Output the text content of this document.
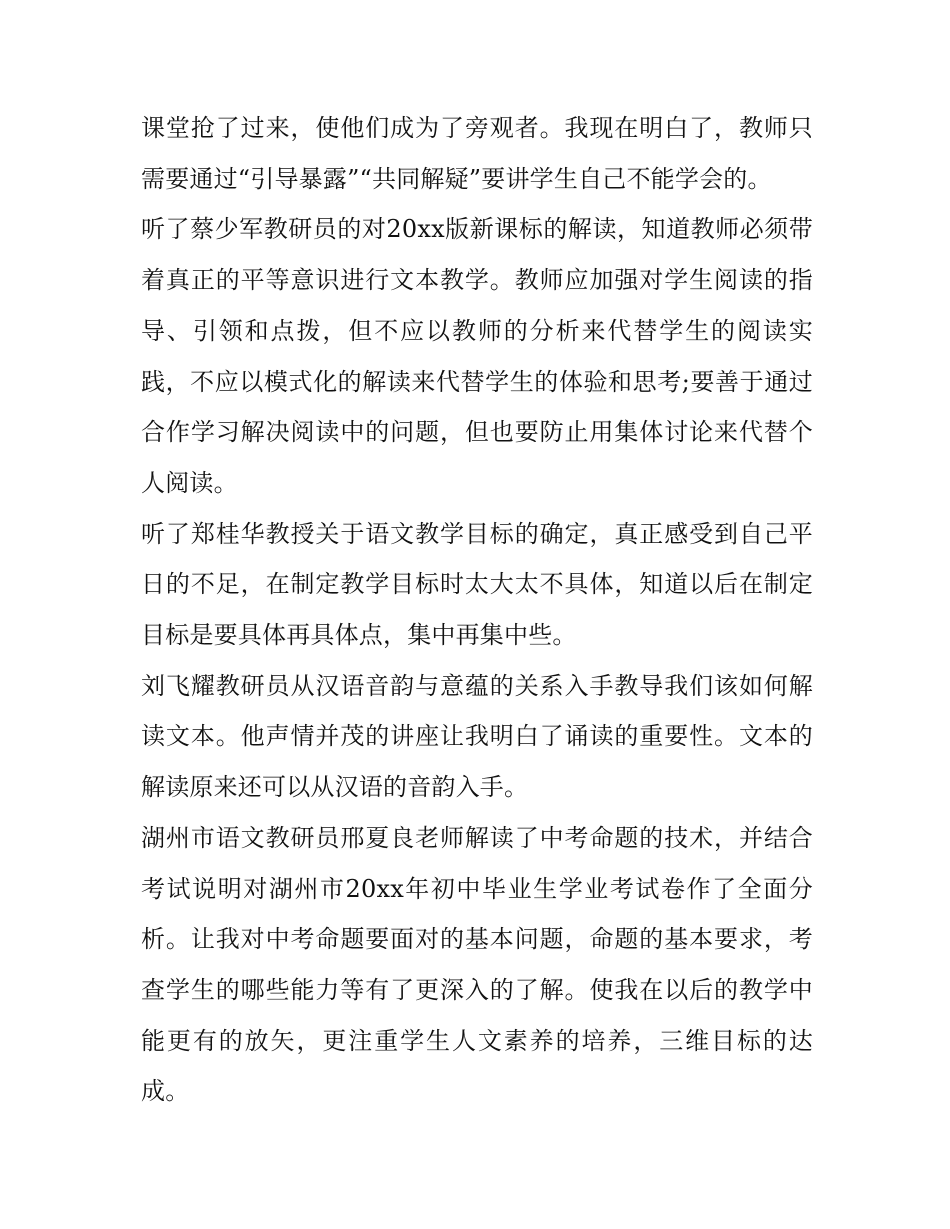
课堂抢了过来，使他们成为了旁观者。我现在明白了，教师只需要通过“引导暴露”“共同解疑”要讲学生自己不能学会的。

听了蔡少军教研员的对20xx版新课标的解读，知道教师必须带着真正的平等意识进行文本教学。教师应加强对学生阅读的指导、引领和点拨，但不应以教师的分析来代替学生的阅读实践，不应以模式化的解读来代替学生的体验和思考;要善于通过合作学习解决阅读中的问题，但也要防止用集体讨论来代替个人阅读。

听了郑桂华教授关于语文教学目标的确定，真正感受到自己平日的不足，在制定教学目标时太大太不具体，知道以后在制定目标是要具体再具体点，集中再集中些。

刘飞耀教研员从汉语音韵与意蕴的关系入手教导我们该如何解读文本。他声情并茂的讲座让我明白了诵读的重要性。文本的解读原来还可以从汉语的音韵入手。

湖州市语文教研员邢夏良老师解读了中考命题的技术，并结合考试说明对湖州市20xx年初中毕业生学业考试卷作了全面分析。让我对中考命题要面对的基本问题，命题的基本要求，考查学生的哪些能力等有了更深入的了解。使我在以后的教学中能更有的放矢，更注重学生人文素养的培养，三维目标的达成。
